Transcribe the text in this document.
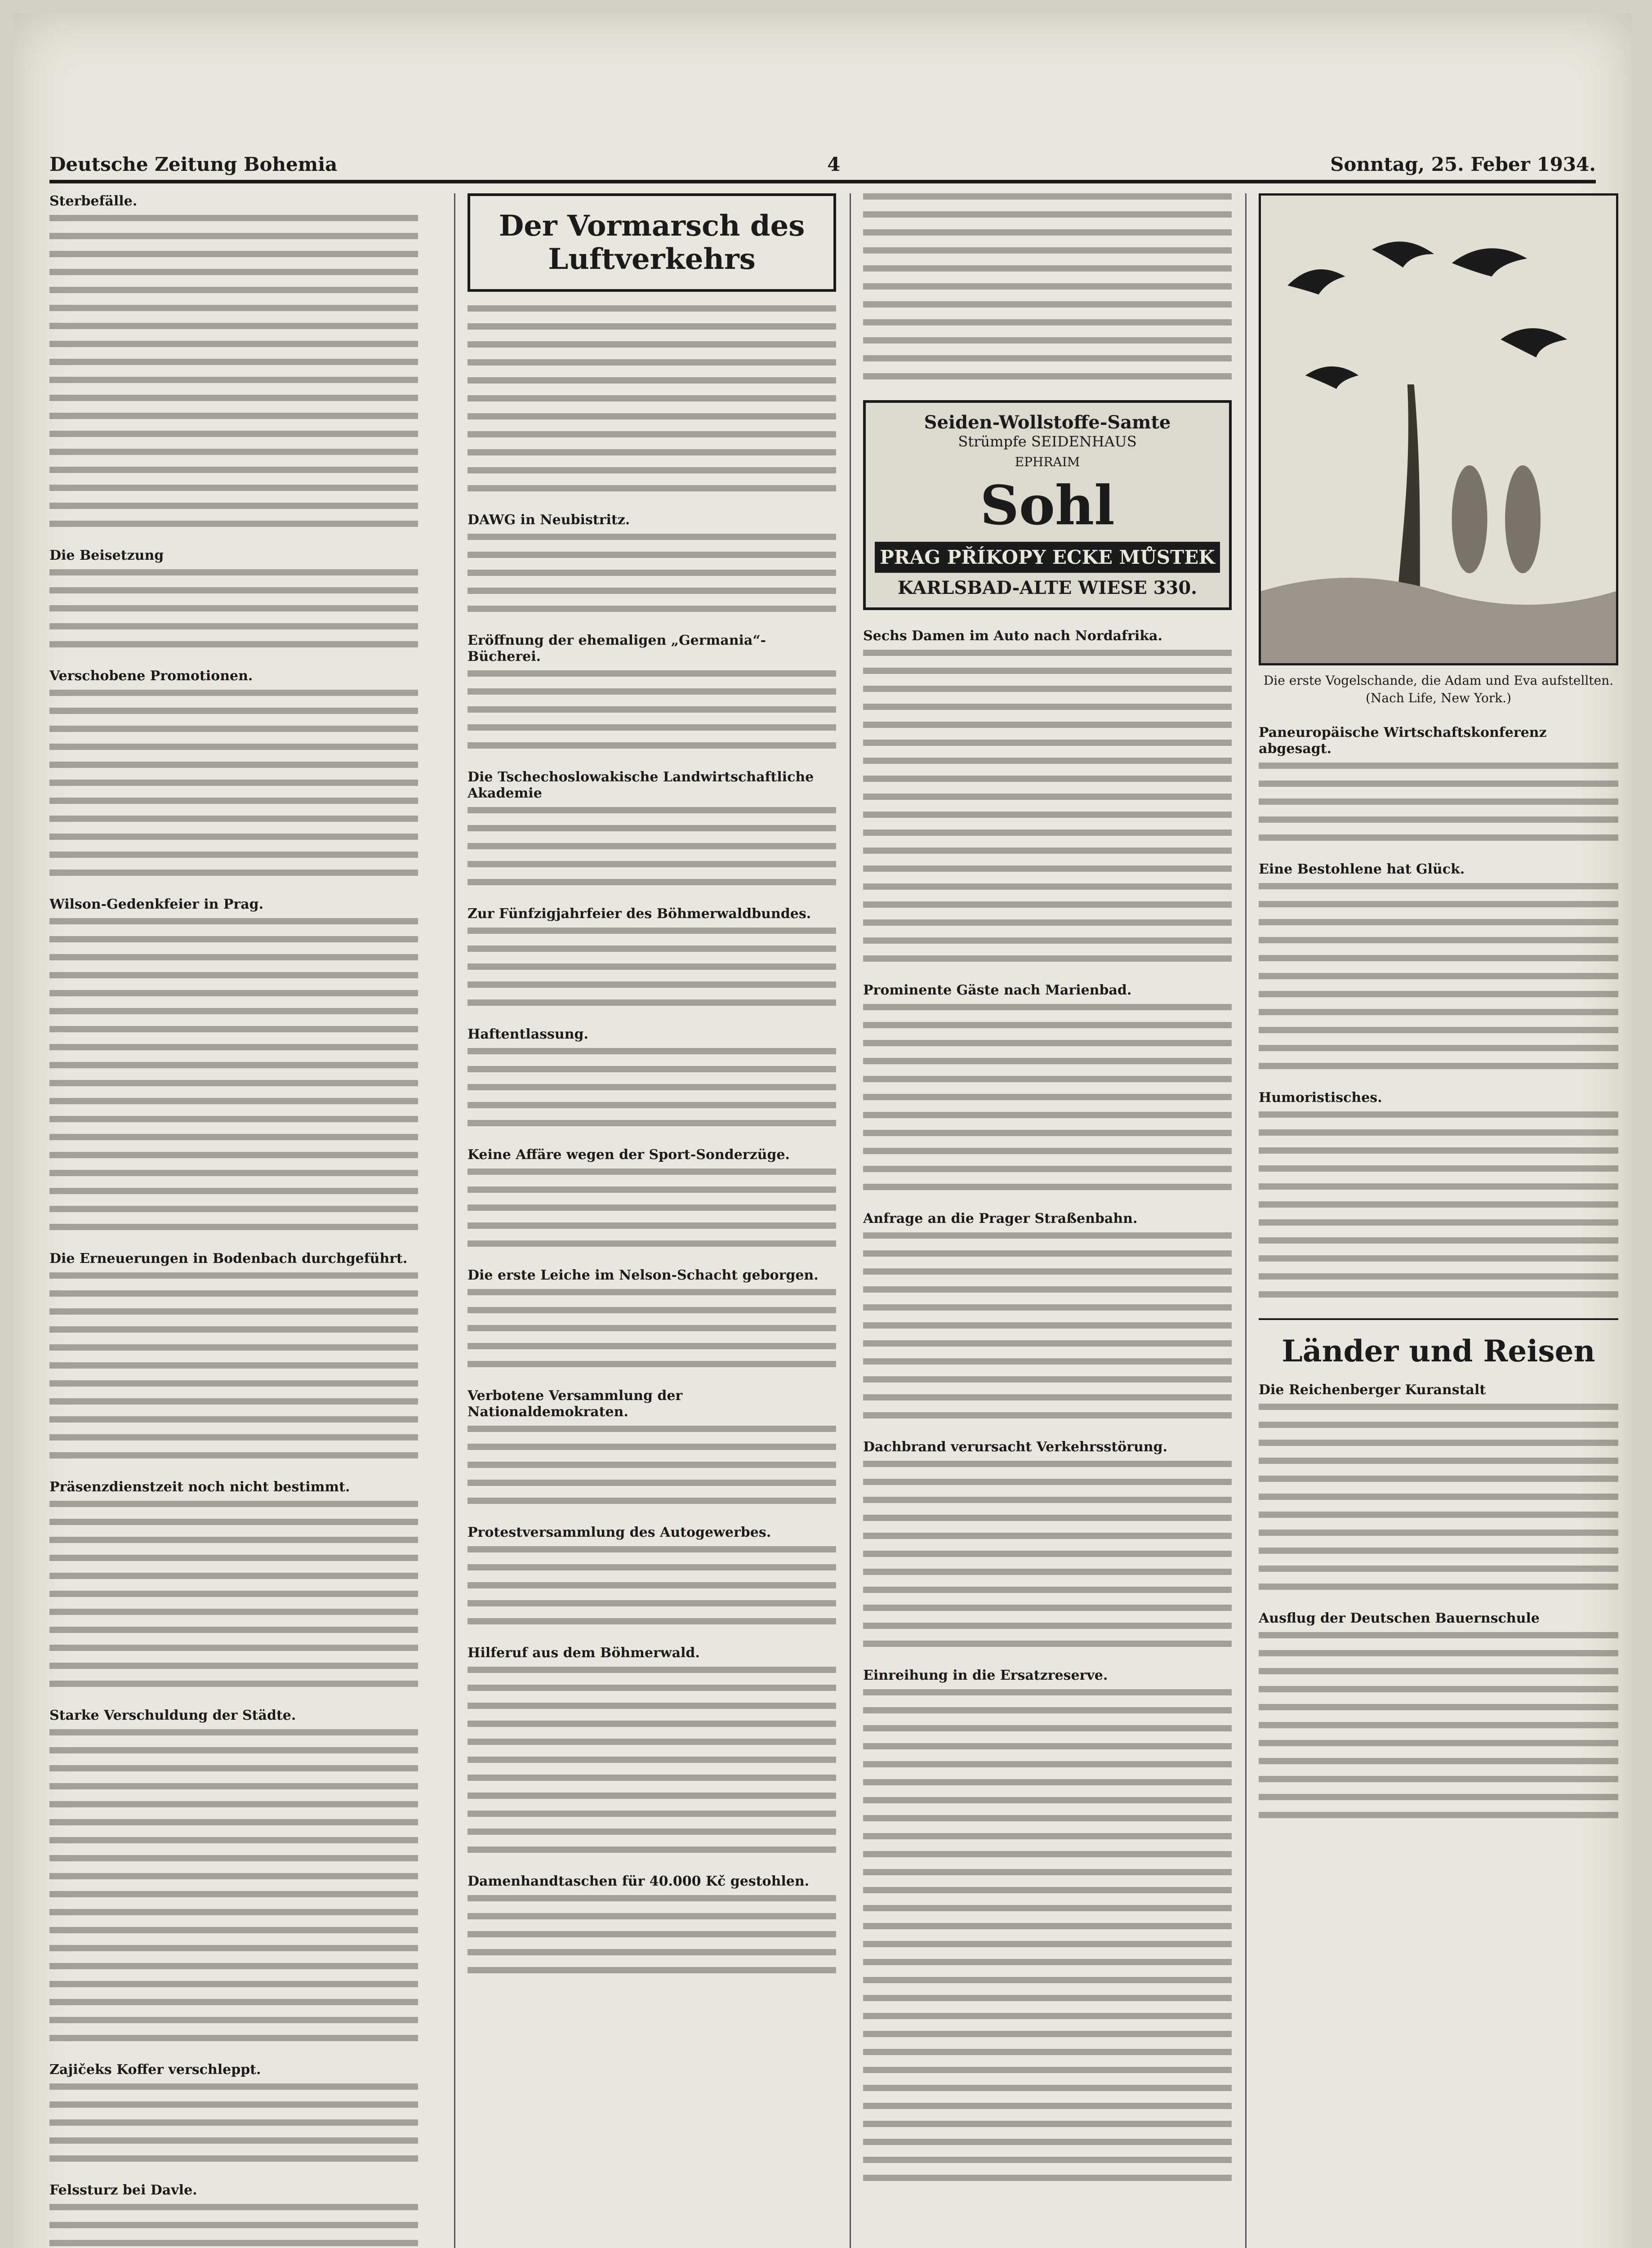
Deutsche Zeitung Bohemia	4	Sonntag, 25. Feber 1934.

Sterbefälle.

Die Beisetzung

Verschobene Promotionen.

Wilson-Gedenkfeier in Prag.

Die Erneuerungen in Bodenbach durchgeführt.

Präsenzdienstzeit noch nicht bestimmt.

Starke Verschuldung der Städte.

Zajičeks Koffer verschleppt.

Felssturz bei Davle.

Der Vormarsch des Luftverkehrs

DAWG in Neubistritz.

Eröffnung der ehemaligen „Germania“-Bücherei.

Die Tschechoslowakische Landwirtschaftliche Akademie

Zur Fünfzigjahrfeier des Böhmerwaldbundes.

Haftentlassung.

Keine Affäre wegen der Sport-Sonderzüge.

Die erste Leiche im Nelson-Schacht geborgen.

Verbotene Versammlung der Nationaldemokraten.

Protestversammlung des Autogewerbes.

Hilferuf aus dem Böhmerwald.

Damenhandtaschen für 40.000 Kč gestohlen.

Seiden-Wollstoffe-Samte
Strümpfe SEIDENHAUS
EPHRAIM
Sohl
PRAG PŘÍKOPY ECKE MŮSTEK
KARLSBAD-ALTE WIESE 330.

Sechs Damen im Auto nach Nordafrika.

Prominente Gäste nach Marienbad.

Anfrage an die Prager Straßenbahn.

Dachbrand verursacht Verkehrsstörung.

Einreihung in die Ersatzreserve.

Die erste Vogelschande, die Adam und Eva aufstellten.
(Nach Life, New York.)

Paneuropäische Wirtschaftskonferenz abgesagt.

Eine Bestohlene hat Glück.

Humoristisches.

Länder und Reisen

Die Reichenberger Kuranstalt

Ausflug der Deutschen Bauernschule
